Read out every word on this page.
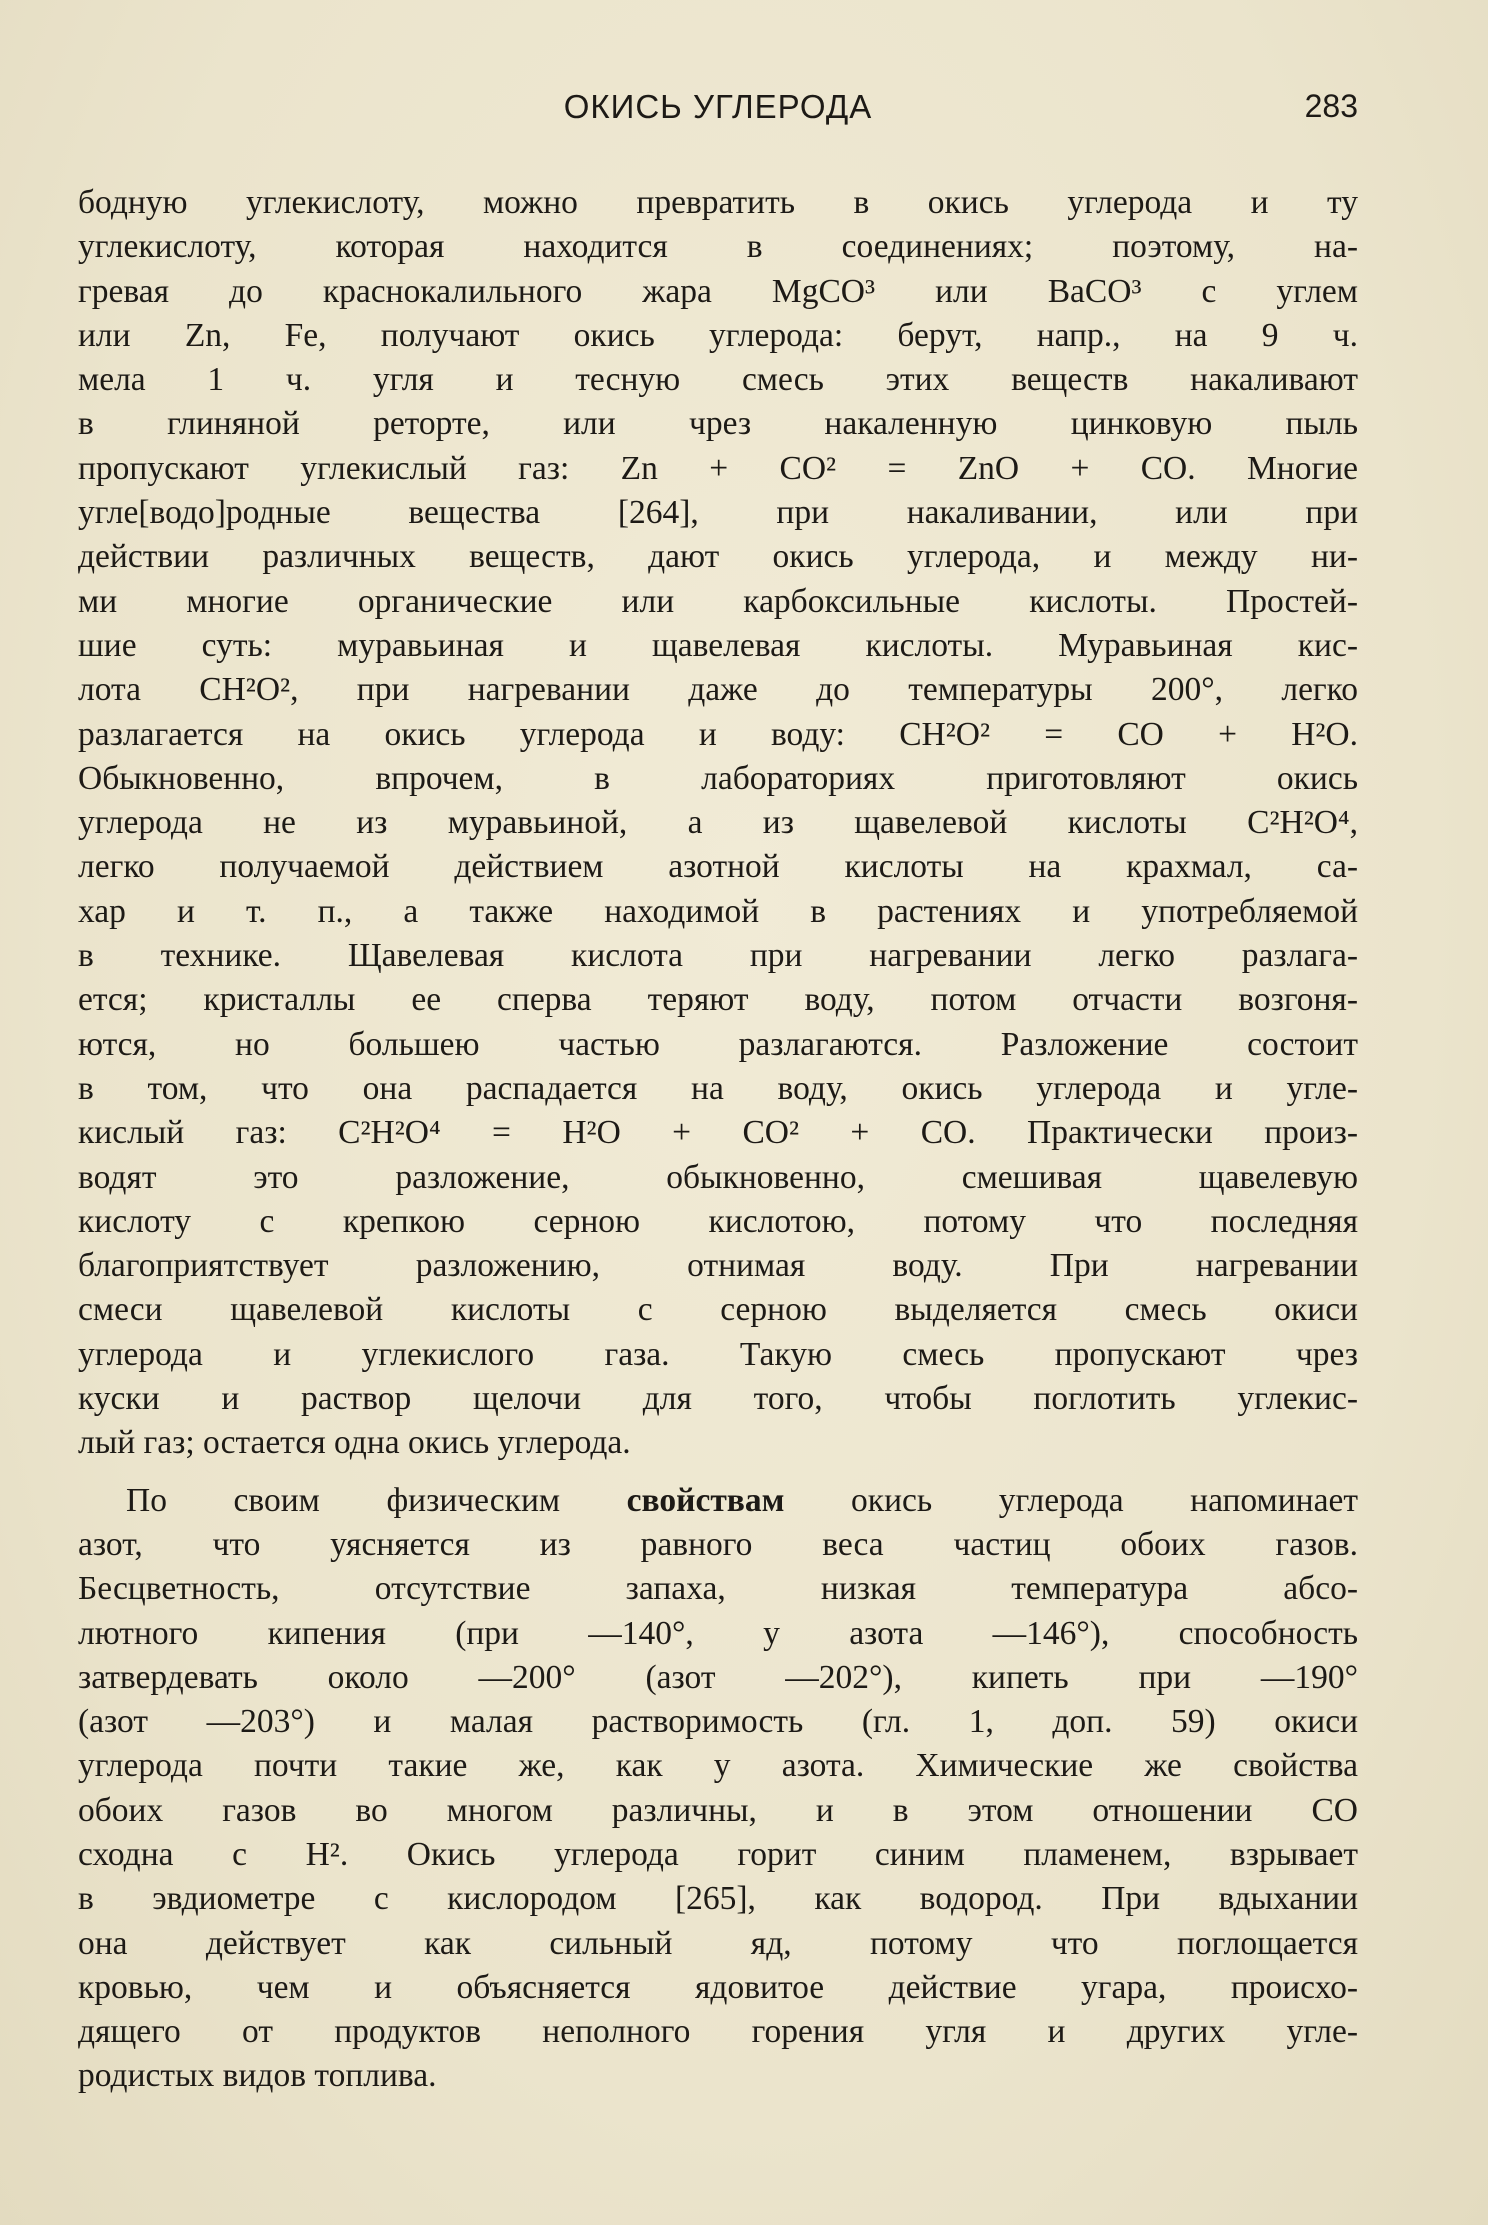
ОКИСЬ УГЛЕРОДА	283
бодную углекислоту, можно превратить в окись углерода и ту
углекислоту, которая находится в соединениях; поэтому, на-
гревая до краснокалильного жара MgCO³ или BaCO³ с углем
или Zn, Fe, получают окись углерода: берут, напр., на 9 ч.
мела 1 ч. угля и тесную смесь этих веществ накаливают
в глиняной реторте, или чрез накаленную цинковую пыль
пропускают углекислый газ: Zn + CO² = ZnO + CO. Многие
угле[водо]родные вещества [264], при накаливании, или при
действии различных веществ, дают окись углерода, и между ни-
ми многие органические или карбоксильные кислоты. Простей-
шие суть: муравьиная и щавелевая кислоты. Муравьиная кис-
лота CH²O², при нагревании даже до температуры 200°, легко
разлагается на окись углерода и воду: CH²O² = CO + H²O.
Обыкновенно, впрочем, в лабораториях приготовляют окись
углерода не из муравьиной, а из щавелевой кислоты C²H²O⁴,
легко получаемой действием азотной кислоты на крахмал, са-
хар и т. п., а также находимой в растениях и употребляемой
в технике. Щавелевая кислота при нагревании легко разлага-
ется; кристаллы ее сперва теряют воду, потом отчасти возгоня-
ются, но большею частью разлагаются. Разложение состоит
в том, что она распадается на воду, окись углерода и угле-
кислый газ: C²H²O⁴ = H²O + CO² + CO. Практически произ-
водят это разложение, обыкновенно, смешивая щавелевую
кислоту с крепкою серною кислотою, потому что последняя
благоприятствует разложению, отнимая воду. При нагревании
смеси щавелевой кислоты с серною выделяется смесь окиси
углерода и углекислого газа. Такую смесь пропускают чрез
куски и раствор щелочи для того, чтобы поглотить углекис-
лый газ; остается одна окись углерода.
По своим физическим свойствам окись углерода напоминает
азот, что уясняется из равного веса частиц обоих газов.
Бесцветность, отсутствие запаха, низкая температура абсо-
лютного кипения (при —140°, у азота —146°), способность
затвердевать около —200° (азот —202°), кипеть при —190°
(азот —203°) и малая растворимость (гл. 1, доп. 59) окиси
углерода почти такие же, как у азота. Химические же свойства
обоих газов во многом различны, и в этом отношении CO
сходна с H². Окись углерода горит синим пламенем, взрывает
в эвдиометре с кислородом [265], как водород. При вдыхании
она действует как сильный яд, потому что поглощается
кровью, чем и объясняется ядовитое действие угара, происхо-
дящего от продуктов неполного горения угля и других угле-
родистых видов топлива.
